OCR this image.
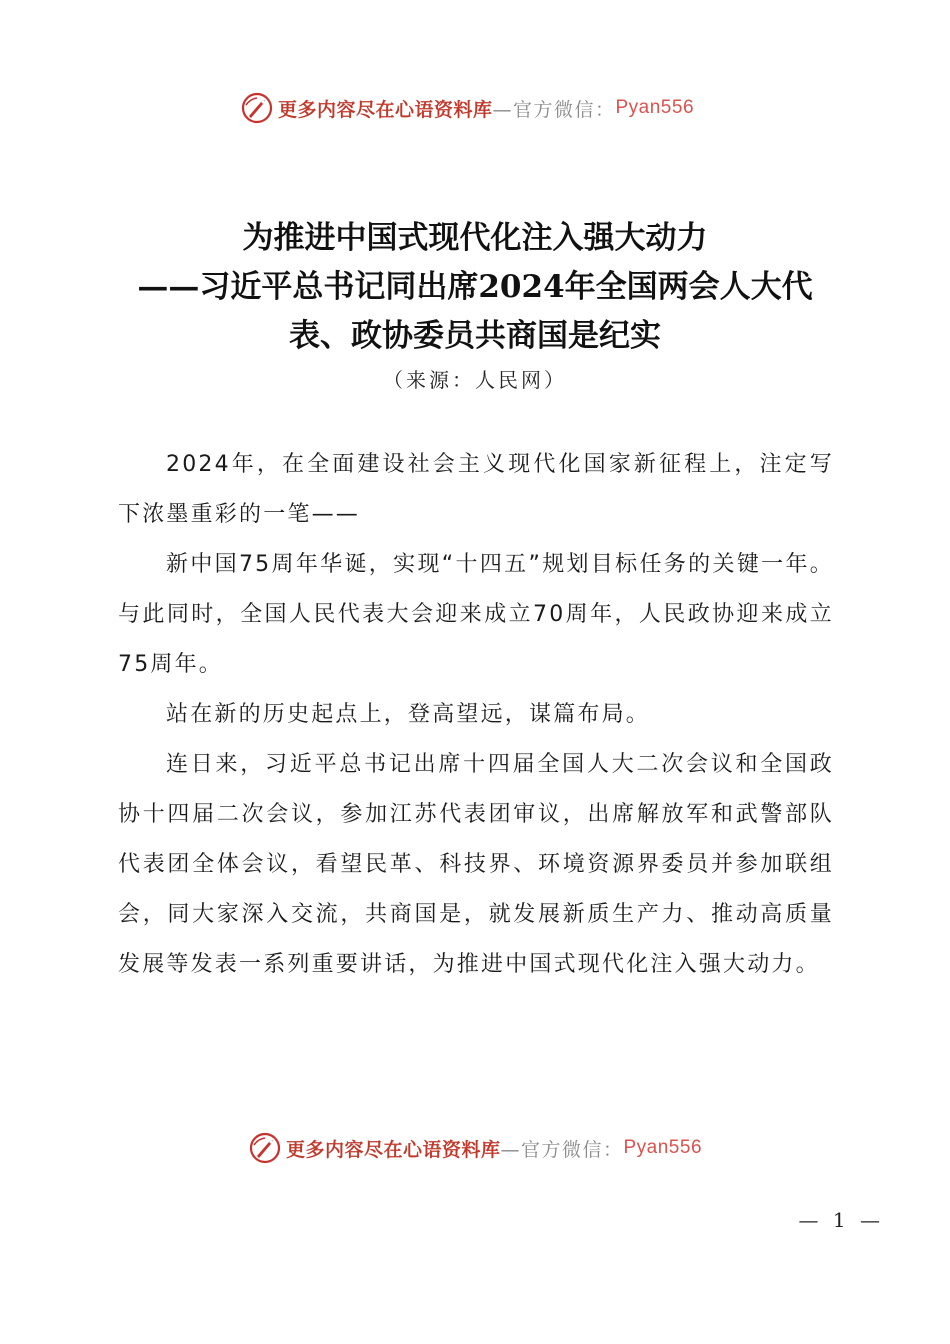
更多内容尽在心语资料库 —官方微信： Pyan556
为推进中国式现代化注入强大动力
——习近平总书记同出席2024年全国两会人大代
表、政协委员共商国是纪实
（来源：人民网）

2024年，在全面建设社会主义现代化国家新征程上，注定写下浓墨重彩的一笔——

新中国75周年华诞，实现“十四五”规划目标任务的关键一年。与此同时，全国人民代表大会迎来成立70周年，人民政协迎来成立75周年。

站在新的历史起点上，登高望远，谋篇布局。

连日来，习近平总书记出席十四届全国人大二次会议和全国政协十四届二次会议，参加江苏代表团审议，出席解放军和武警部队代表团全体会议，看望民革、科技界、环境资源界委员并参加联组会，同大家深入交流，共商国是，就发展新质生产力、推动高质量发展等发表一系列重要讲话，为推进中国式现代化注入强大动力。

更多内容尽在心语资料库 —官方微信： Pyan556
— 1 —
